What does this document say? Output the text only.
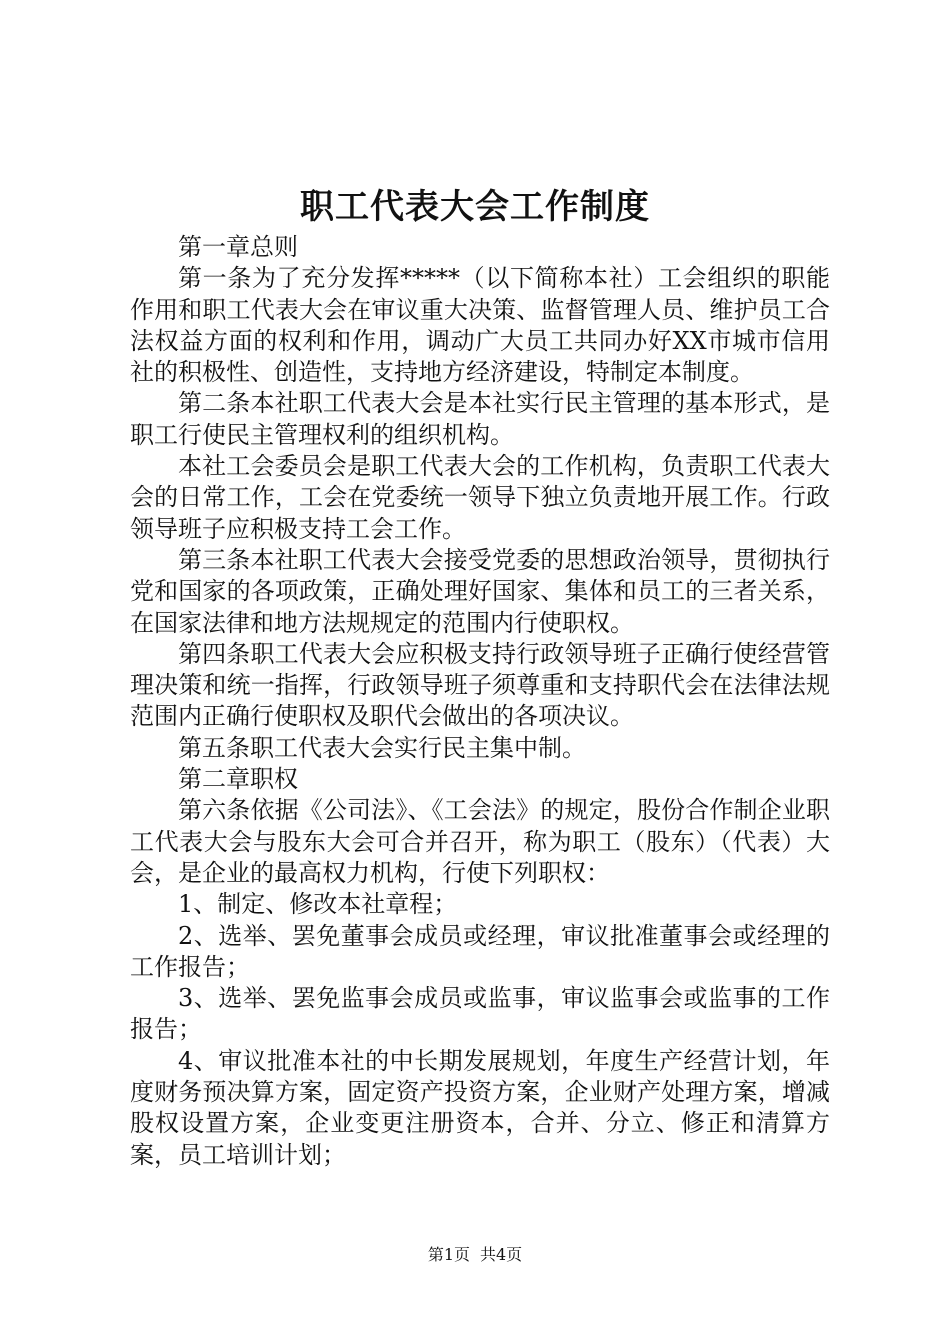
职工代表大会工作制度

第一章总则

第一条为了充分发挥*****（以下简称本社）工会组织的职能作用和职工代表大会在审议重大决策、监督管理人员、维护员工合法权益方面的权利和作用，调动广大员工共同办好XX市城市信用社的积极性、创造性，支持地方经济建设，特制定本制度。

第二条本社职工代表大会是本社实行民主管理的基本形式，是职工行使民主管理权利的组织机构。

本社工会委员会是职工代表大会的工作机构，负责职工代表大会的日常工作，工会在党委统一领导下独立负责地开展工作。行政领导班子应积极支持工会工作。

第三条本社职工代表大会接受党委的思想政治领导，贯彻执行党和国家的各项政策，正确处理好国家、集体和员工的三者关系，在国家法律和地方法规规定的范围内行使职权。

第四条职工代表大会应积极支持行政领导班子正确行使经营管理决策和统一指挥，行政领导班子须尊重和支持职代会在法律法规范围内正确行使职权及职代会做出的各项决议。

第五条职工代表大会实行民主集中制。

第二章职权

第六条依据《公司法》、《工会法》的规定，股份合作制企业职工代表大会与股东大会可合并召开，称为职工（股东）（代表）大会，是企业的最高权力机构，行使下列职权：

1、制定、修改本社章程；

2、选举、罢免董事会成员或经理，审议批准董事会或经理的工作报告；

3、选举、罢免监事会成员或监事，审议监事会或监事的工作报告；

4、审议批准本社的中长期发展规划，年度生产经营计划，年度财务预决算方案，固定资产投资方案，企业财产处理方案，增减股权设置方案，企业变更注册资本，合并、分立、修正和清算方案，员工培训计划；

第1页 共4页
